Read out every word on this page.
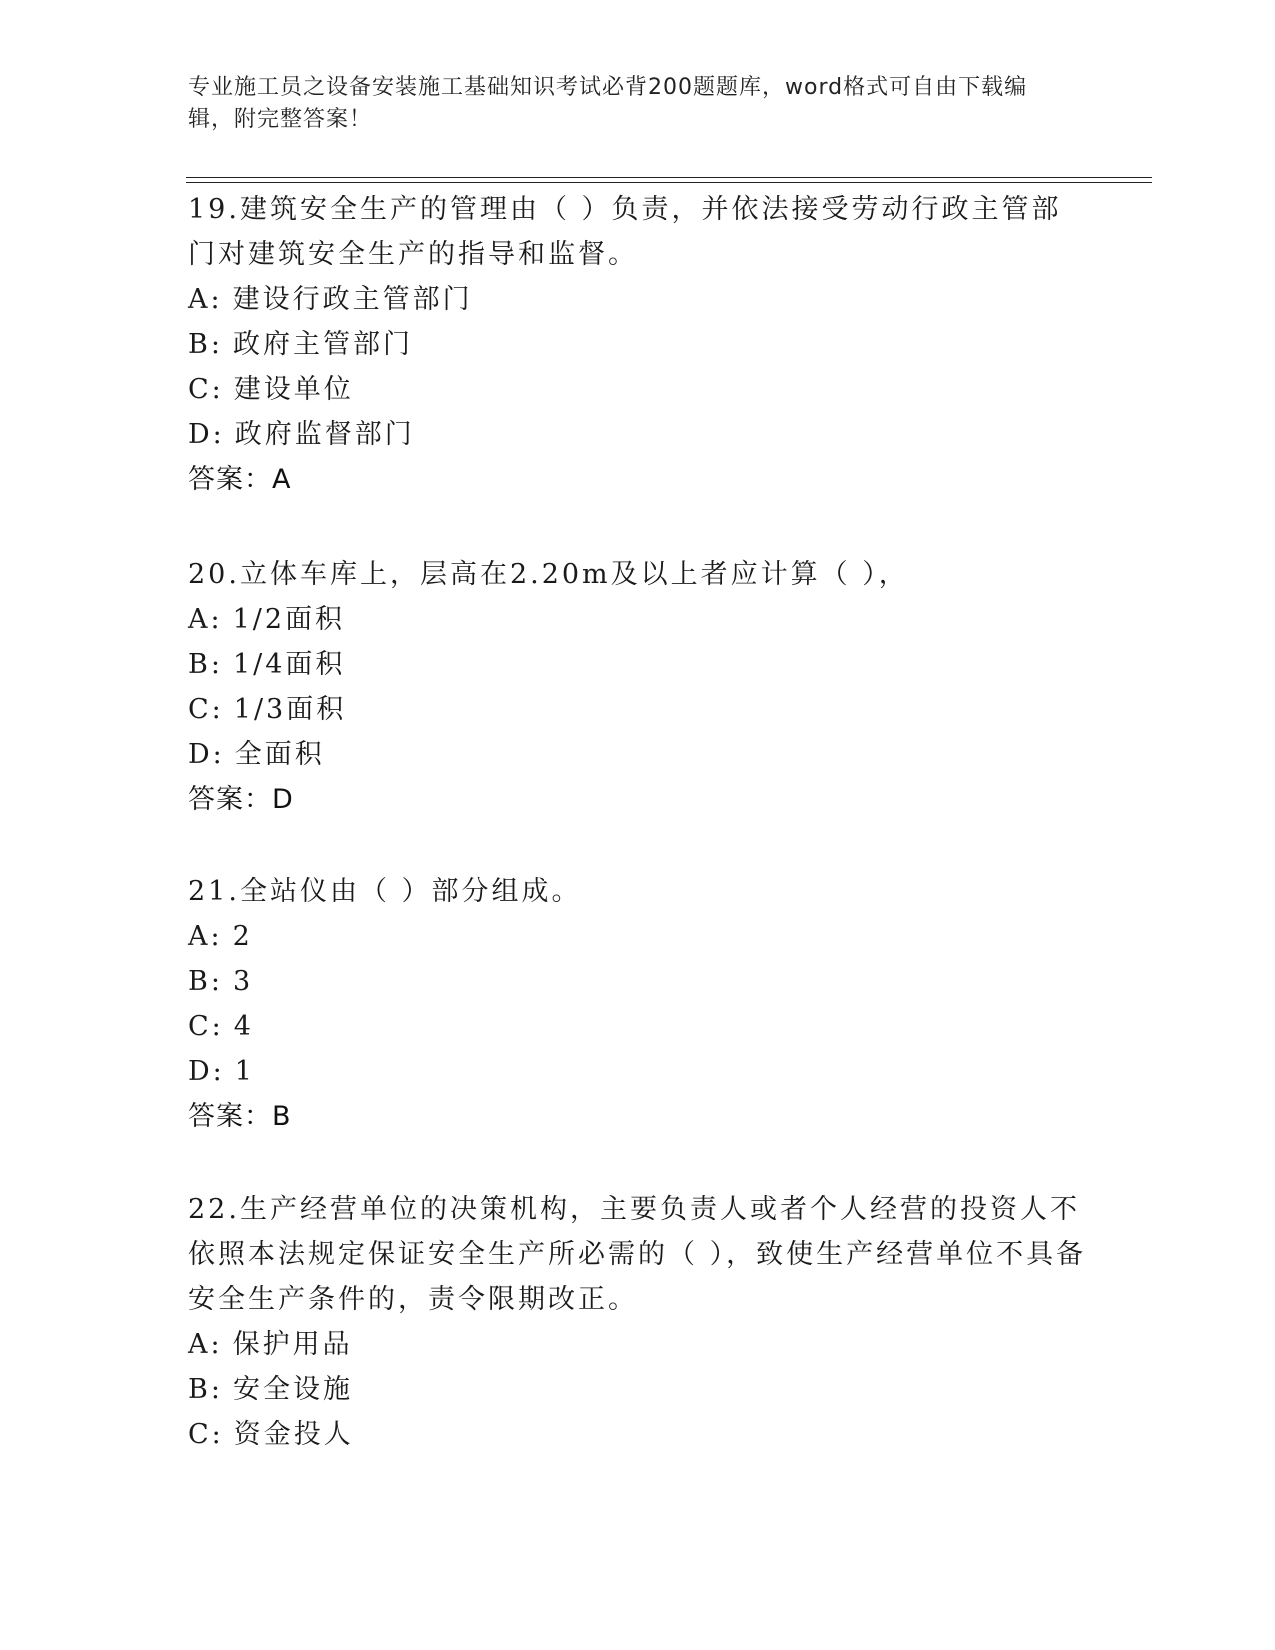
专业施工员之设备安装施工基础知识考试必背200题题库，word格式可自由下载编辑，附完整答案！
19.建筑安全生产的管理由（ ）负责，并依法接受劳动行政主管部门对建筑安全生产的指导和监督。
A: 建设行政主管部门
B: 政府主管部门
C: 建设单位
D: 政府监督部门
答案：A
20.立体车库上，层高在2.20m及以上者应计算（ ），
A: 1/2面积
B: 1/4面积
C: 1/3面积
D: 全面积
答案：D
21.全站仪由（ ）部分组成。
A: 2
B: 3
C: 4
D: 1
答案：B
22.生产经营单位的决策机构，主要负责人或者个人经营的投资人不依照本法规定保证安全生产所必需的（ ），致使生产经营单位不具备安全生产条件的，责令限期改正。
A: 保护用品
B: 安全设施
C: 资金投人
